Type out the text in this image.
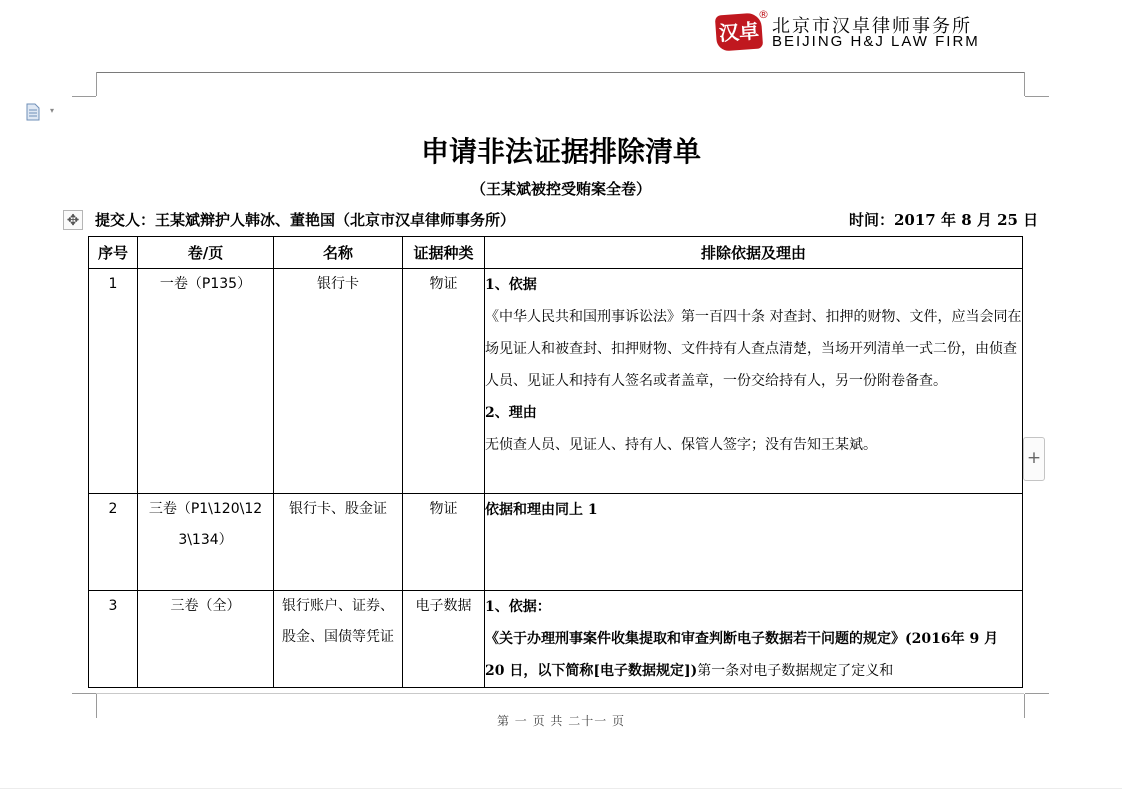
汉
卓
®
北京市汉卓律师事务所
BEIJING H&J LAW FIRM
▾
申请非法证据排除清单
（王某斌被控受贿案全卷）
✥ 提交人：王某斌辩护人韩冰、董艳国（北京市汉卓律师事务所）	时间：2017 年 8 月 25 日
序号	卷/页	名称	证据种类	排除依据及理由
1	一卷（P135）	银行卡	物证	1、依据
《中华人民共和国刑事诉讼法》第一百四十条 对查封、扣押的财物、文件，应当会同在场见证人和被查封、扣押财物、文件持有人查点清楚，当场开列清单一式二份，由侦查人员、见证人和持有人签名或者盖章，一份交给持有人，另一份附卷备查。
2、理由
无侦查人员、见证人、持有人、保管人签字；没有告知王某斌。

2	三卷（P1\120\123\134）	银行卡、股金证	物证	依据和理由同上 1

3	三卷（全）	银行账户、证券、股金、国债等凭证	电子数据	1、依据：
《关于办理刑事案件收集提取和审查判断电子数据若干问题的规定》(2016年 9 月 20 日，以下简称[电子数据规定])第一条对电子数据规定了定义和
+
第 一 页 共 二十一 页
